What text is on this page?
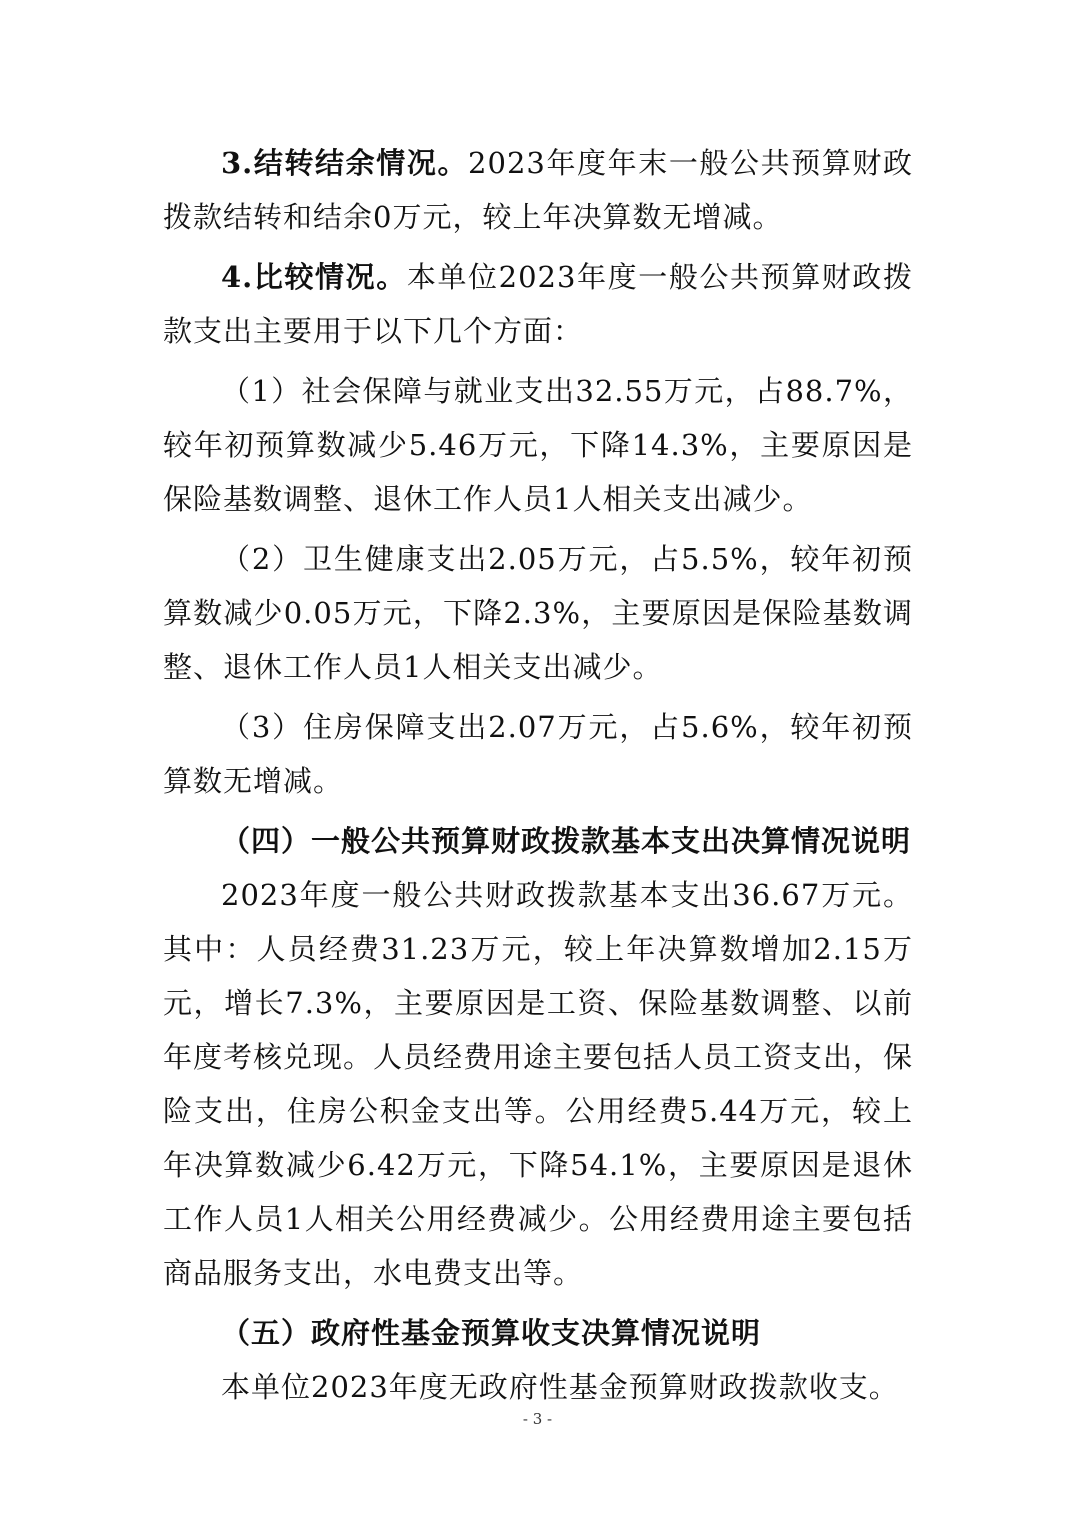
3.结转结余情况。2023年度年末一般公共预算财政拨款结转和结余0万元，较上年决算数无增减。

4.比较情况。本单位2023年度一般公共预算财政拨款支出主要用于以下几个方面：

（1）社会保障与就业支出32.55万元，占88.7%，较年初预算数减少5.46万元，下降14.3%，主要原因是保险基数调整、退休工作人员1人相关支出减少。

（2）卫生健康支出2.05万元，占5.5%，较年初预算数减少0.05万元，下降2.3%，主要原因是保险基数调整、退休工作人员1人相关支出减少。

（3）住房保障支出2.07万元，占5.6%，较年初预算数无增减。

（四）一般公共预算财政拨款基本支出决算情况说明

2023年度一般公共财政拨款基本支出36.67万元。其中：人员经费31.23万元，较上年决算数增加2.15万元，增长7.3%，主要原因是工资、保险基数调整、以前年度考核兑现。人员经费用途主要包括人员工资支出，保险支出，住房公积金支出等。公用经费5.44万元，较上年决算数减少6.42万元，下降54.1%，主要原因是退休工作人员1人相关公用经费减少。公用经费用途主要包括商品服务支出，水电费支出等。

（五）政府性基金预算收支决算情况说明

本单位2023年度无政府性基金预算财政拨款收支。

- 3 -
